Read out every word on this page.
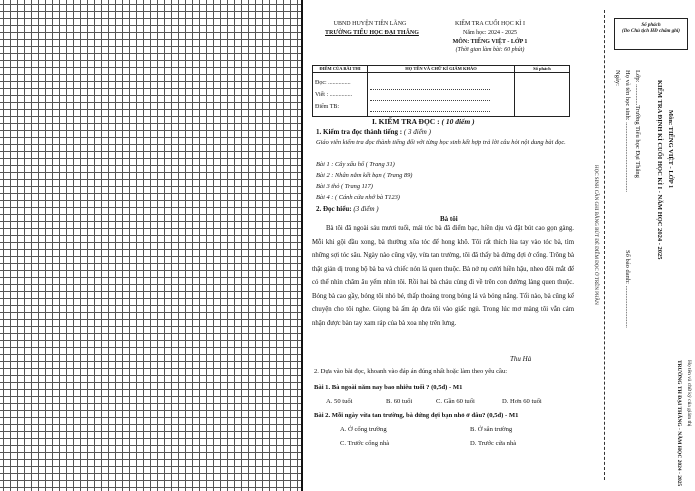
UBND HUYỆN TIÊN LÃNG
TRƯỜNG TIỂU HỌC ĐẠI THẮNG
KIỂM TRA CUỐI HỌC KÌ I
Năm học: 2024 - 2025
MÔN: TIẾNG VIỆT - LỚP 1
(Thời gian làm bài: 60 phút)
ĐIỂM CỦA BÀI THI	HỌ TÊN VÀ CHỮ KÍ GIÁM KHẢO	Số phách

Đọc: ...............
Viết : ...............
Điểm TB:		

I. KIỂM TRA ĐỌC : ( 10 điểm )
1. Kiểm tra đọc thành tiếng : ( 3 điểm )
Giáo viên kiểm tra đọc thành tiếng đối với từng học sinh kết hợp trả lời câu hỏi nội dung bài đọc.
Bài 1 : Cây xấu hổ ( Trang 31)
Bài 2 : Nhân nắm kết bạn ( Trang 89)
Bài 3 thỏ ( Trang 117)
Bài 4 : ( Cánh cửa nhớ bà T123)
2. Đọc hiểu: (3 điểm )
Bà tôi
Bà tôi đã ngoài sáu mươi tuổi, mái tóc bà đã điểm bạc, hiền dịu và đặt bút cao gọn gàng. Mỗi khi gội đầu xong, bà thường xõa tóc để hong khô. Tôi rất thích lùa tay vào tóc bà, tìm những sợi tóc sâu. Ngày nào cũng vậy, vừa tan trường, tôi đã thấy bà đứng đợi ở cổng. Trông bà thật giản dị trong bộ bà ba và chiếc nón lá quen thuộc. Bà nở nụ cười hiền hậu, nheo đôi mắt để có thể nhìn chăm âu yếm nhìn tôi. Rồi hai bà cháu cùng đi về trên con đường làng quen thuộc. Bóng bà cao gầy, bóng tôi nhỏ bé, thấp thoáng trong bóng lá và bóng nắng. Tối nào, bà cũng kể chuyện cho tôi nghe. Giọng bà ấm áp đưa tôi vào giấc ngủ. Trong lúc mơ màng tôi vẫn cảm nhận được bàn tay xam ráp của bà xoa nhẹ trên lưng.
Thu Hà
2. Dựa vào bài đọc, khoanh vào đáp án đúng nhất hoặc làm theo yêu cầu:
Bài 1. Bà ngoài năm nay bao nhiêu tuổi ? (0,5đ) - M1
A. 50 tuổi	B. 60 tuổi	C. Gần 60 tuổi	D. Hơn 60 tuổi
Bài 2. Mỗi ngày vừa tan trường, bà đứng đợi bạn nhỏ ở đâu? (0,5đ) - M1
A. Ở cổng trường	B. Ở sân trường
C. Trước cổng nhà	D. Trước cửa nhà
HỌC SINH CẦN GHI BẰNG BÚT ĐÈ ĐIỂM ĐỌC Ở TRÊN PHẦN
Số phách
(Do Chủ tịch HĐ chấm ghi)
Ngày: Họ và tên học sinh: ........................................... Lớp: .............Trường Tiểu học Đại Thắng
Số báo danh: ..........................
KIỂM TRA ĐỊNH KÌ CUỐI HỌC KÌ I - NĂM HỌC 2024 - 2025 Môn: TIẾNG VIỆT - LỚP 1
TRƯỜNG TH ĐẠI THẮNG - NĂM HỌC 2024 - 2025 Họ tên và chữ ký của giám thị
